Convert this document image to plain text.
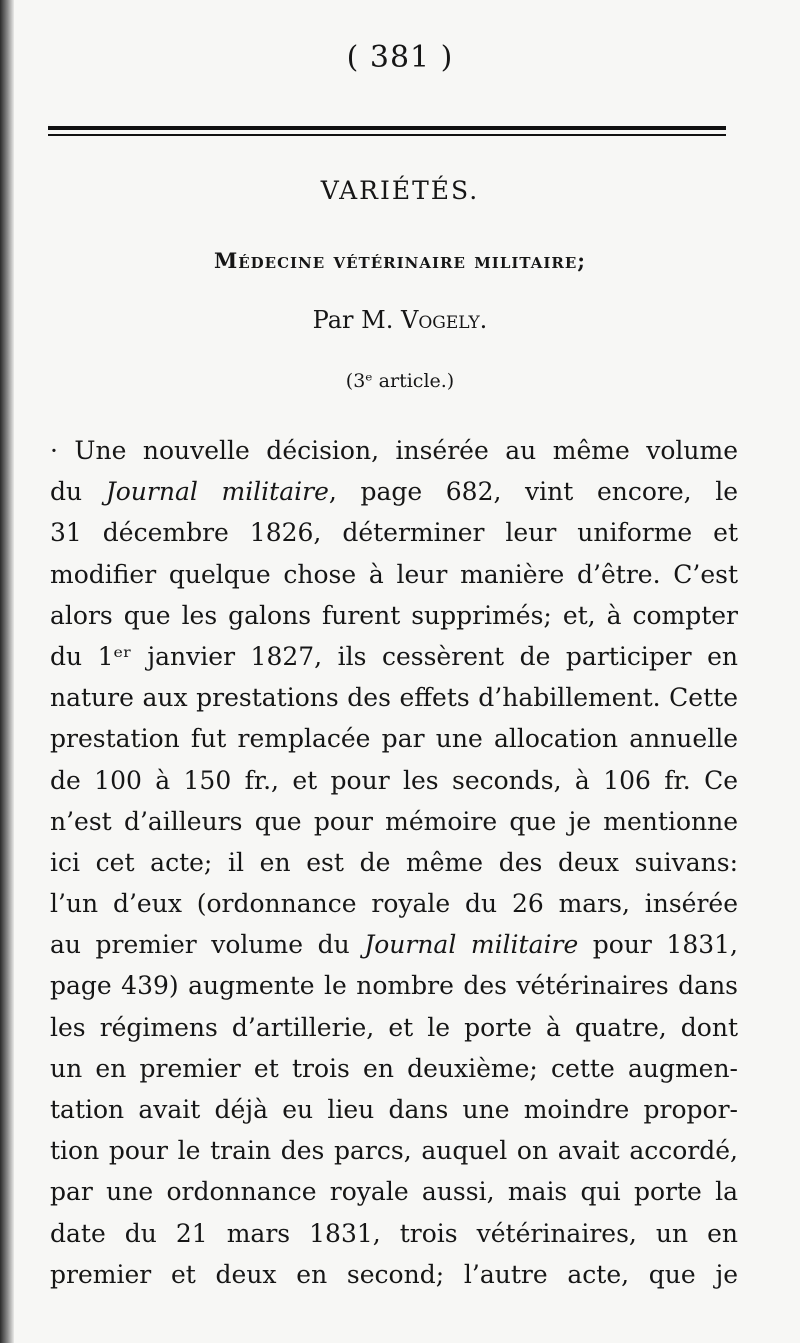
( 381 )
VARIÉTÉS.
Médecine vétérinaire militaire;
Par M. Vogely.
(3ᵉ article.)
· Une nouvelle décision, insérée au même volume
du Journal militaire, page 682, vint encore, le
31 décembre 1826, déterminer leur uniforme et
modifier quelque chose à leur manière d’être. C’est
alors que les galons furent supprimés; et, à compter
du 1ᵉʳ janvier 1827, ils cessèrent de participer en
nature aux prestations des effets d’habillement. Cette
prestation fut remplacée par une allocation annuelle
de 100 à 150 fr., et pour les seconds, à 106 fr. Ce
n’est d’ailleurs que pour mémoire que je mentionne
ici cet acte; il en est de même des deux suivans:
l’un d’eux (ordonnance royale du 26 mars, insérée
au premier volume du Journal militaire pour 1831,
page 439) augmente le nombre des vétérinaires dans
les régimens d’artillerie, et le porte à quatre, dont
un en premier et trois en deuxième; cette augmen-
tation avait déjà eu lieu dans une moindre propor-
tion pour le train des parcs, auquel on avait accordé,
par une ordonnance royale aussi, mais qui porte la
date du 21 mars 1831, trois vétérinaires, un en
premier et deux en second; l’autre acte, que je
